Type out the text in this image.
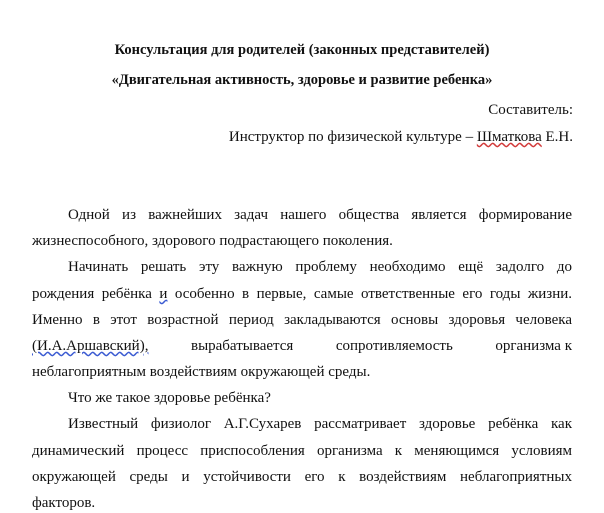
Консультация для родителей (законных представителей)
«Двигательная активность, здоровье и развитие ребенка»
Составитель:
Инструктор по физической культуре – Шматкова Е.Н.
Одной из важнейших задач нашего общества является формирование
жизнеспособного, здорового подрастающего поколения.
Начинать решать эту важную проблему необходимо ещё задолго до
рождения ребёнка и особенно в первые, самые ответственные его годы жизни.
Именно в этот возрастной период закладываются основы здоровья человека
(И.А.Аршавский),	вырабатывается	сопротивляемость	организма к
неблагоприятным воздействиям окружающей среды.
Что же такое здоровье ребёнка?
Известный физиолог А.Г.Сухарев рассматривает здоровье ребёнка как
динамический процесс приспособления организма к меняющимся условиям
окружающей среды и устойчивости его к воздействиям неблагоприятных
факторов.
